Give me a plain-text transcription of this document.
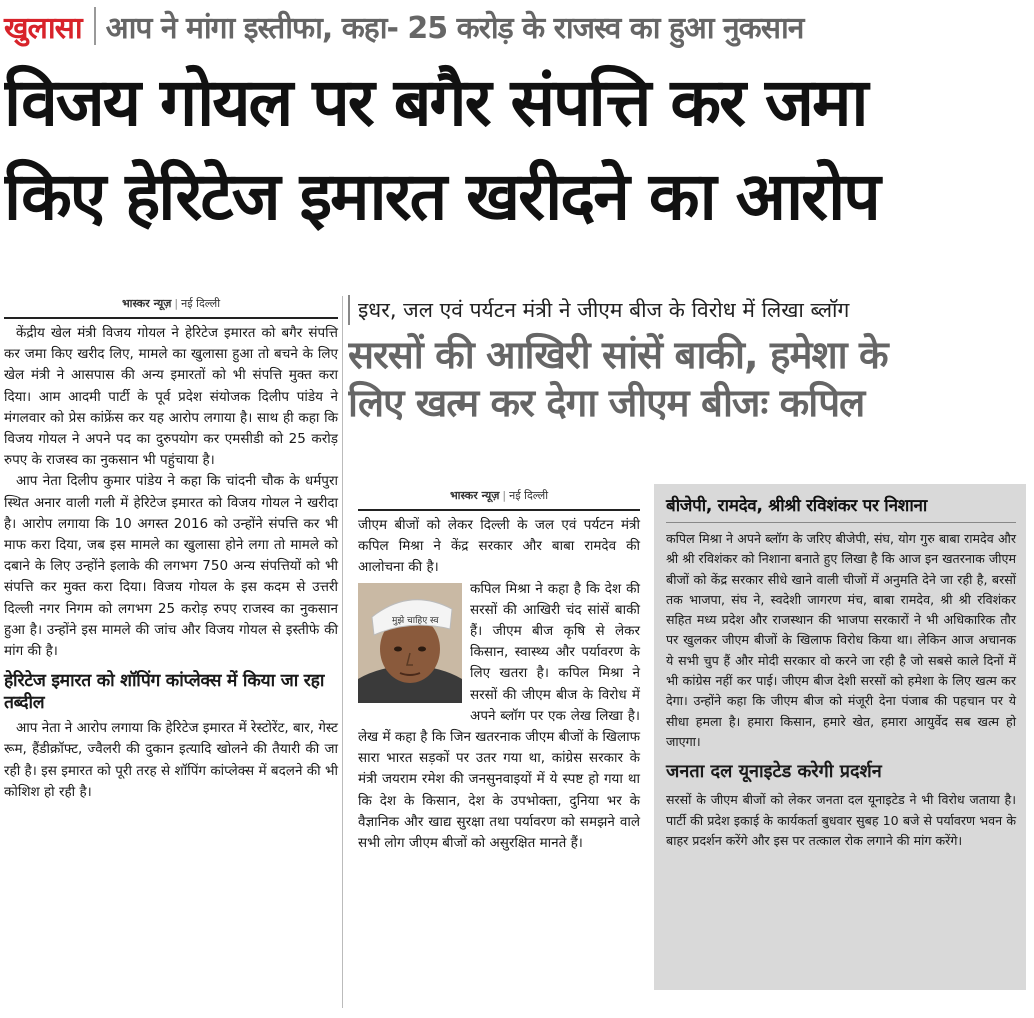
खुलासा आप ने मांगा इस्तीफा, कहा- 25 करोड़ के राजस्व का हुआ नुकसान
विजय गोयल पर बगैर संपत्ति कर जमा
किए हेरिटेज इमारत खरीदने का आरोप
भास्कर न्यूज़ | नई दिल्ली

केंद्रीय खेल मंत्री विजय गोयल ने हेरिटेज इमारत को बगैर संपत्ति कर जमा किए खरीद लिए, मामले का खुलासा हुआ तो बचने के लिए खेल मंत्री ने आसपास की अन्य इमारतों को भी संपत्ति मुक्त करा दिया। आम आदमी पार्टी के पूर्व प्रदेश संयोजक दिलीप पांडेय ने मंगलवार को प्रेस कांफ्रेंस कर यह आरोप लगाया है। साथ ही कहा कि विजय गोयल ने अपने पद का दुरुपयोग कर एमसीडी को 25 करोड़ रुपए के राजस्व का नुकसान भी पहुंचाया है।

आप नेता दिलीप कुमार पांडेय ने कहा कि चांदनी चौक के धर्मपुरा स्थित अनार वाली गली में हेरिटेज इमारत को विजय गोयल ने खरीदा है। आरोप लगाया कि 10 अगस्त 2016 को उन्होंने संपत्ति कर भी माफ करा दिया, जब इस मामले का खुलासा होने लगा तो मामले को दबाने के लिए उन्होंने इलाके की लगभग 750 अन्य संपत्तियों को भी संपत्ति कर मुक्त करा दिया। विजय गोयल के इस कदम से उत्तरी दिल्ली नगर निगम को लगभग 25 करोड़ रुपए राजस्व का नुकसान हुआ है। उन्होंने इस मामले की जांच और विजय गोयल से इस्तीफे की मांग की है।

हेरिटेज इमारत को शॉपिंग कांप्लेक्स में किया जा रहा तब्दील

आप नेता ने आरोप लगाया कि हेरिटेज इमारत में रेस्टोरेंट, बार, गेस्ट रूम, हैंडीक्रॉफ्ट, ज्वैलरी की दुकान इत्यादि खोलने की तैयारी की जा रही है। इस इमारत को पूरी तरह से शॉपिंग कांप्लेक्स में बदलने की भी कोशिश हो रही है।

इधर, जल एवं पर्यटन मंत्री ने जीएम बीज के विरोध में लिखा ब्लॉग
सरसों की आखिरी सांसें बाकी, हमेशा के
लिए खत्म कर देगा जीएम बीजः कपिल
भास्कर न्यूज़ | नई दिल्ली

जीएम बीजों को लेकर दिल्ली के जल एवं पर्यटन मंत्री कपिल मिश्रा ने केंद्र सरकार और बाबा रामदेव की आलोचना की है।

मुझे चाहिए स्व

कपिल मिश्रा ने कहा है कि देश की सरसों की आखिरी चंद सांसें बाकी हैं। जीएम बीज कृषि से लेकर किसान, स्वास्थ्य और पर्यावरण के लिए खतरा है। कपिल मिश्रा ने सरसों की जीएम बीज के विरोध में अपने ब्लॉग पर एक लेख लिखा है। लेख में कहा है कि जिन खतरनाक जीएम बीजों के खिलाफ सारा भारत सड़कों पर उतर गया था, कांग्रेस सरकार के मंत्री जयराम रमेश की जनसुनवाइयों में ये स्पष्ट हो गया था कि देश के किसान, देश के उपभोक्ता, दुनिया भर के वैज्ञानिक और खाद्य सुरक्षा तथा पर्यावरण को समझने वाले सभी लोग जीएम बीजों को असुरक्षित मानते हैं।

बीजेपी, रामदेव, श्रीश्री रविशंकर पर निशाना
कपिल मिश्रा ने अपने ब्लॉग के जरिए बीजेपी, संघ, योग गुरु बाबा रामदेव और श्री श्री रविशंकर को निशाना बनाते हुए लिखा है कि आज इन खतरनाक जीएम बीजों को केंद्र सरकार सीधे खाने वाली चीजों में अनुमति देने जा रही है, बरसों तक भाजपा, संघ ने, स्वदेशी जागरण मंच, बाबा रामदेव, श्री श्री रविशंकर सहित मध्य प्रदेश और राजस्थान की भाजपा सरकारों ने भी अधिकारिक तौर पर खुलकर जीएम बीजों के खिलाफ विरोध किया था। लेकिन आज अचानक ये सभी चुप हैं और मोदी सरकार वो करने जा रही है जो सबसे काले दिनों में भी कांग्रेस नहीं कर पाई। जीएम बीज देशी सरसों को हमेशा के लिए खत्म कर देगा। उन्होंने कहा कि जीएम बीज को मंजूरी देना पंजाब की पहचान पर ये सीधा हमला है। हमारा किसान, हमारे खेत, हमारा आयुर्वेद सब खत्म हो जाएगा।
जनता दल यूनाइटेड करेगी प्रदर्शन
सरसों के जीएम बीजों को लेकर जनता दल यूनाइटेड ने भी विरोध जताया है। पार्टी की प्रदेश इकाई के कार्यकर्ता बुधवार सुबह 10 बजे से पर्यावरण भवन के बाहर प्रदर्शन करेंगे और इस पर तत्काल रोक लगाने की मांग करेंगे।
